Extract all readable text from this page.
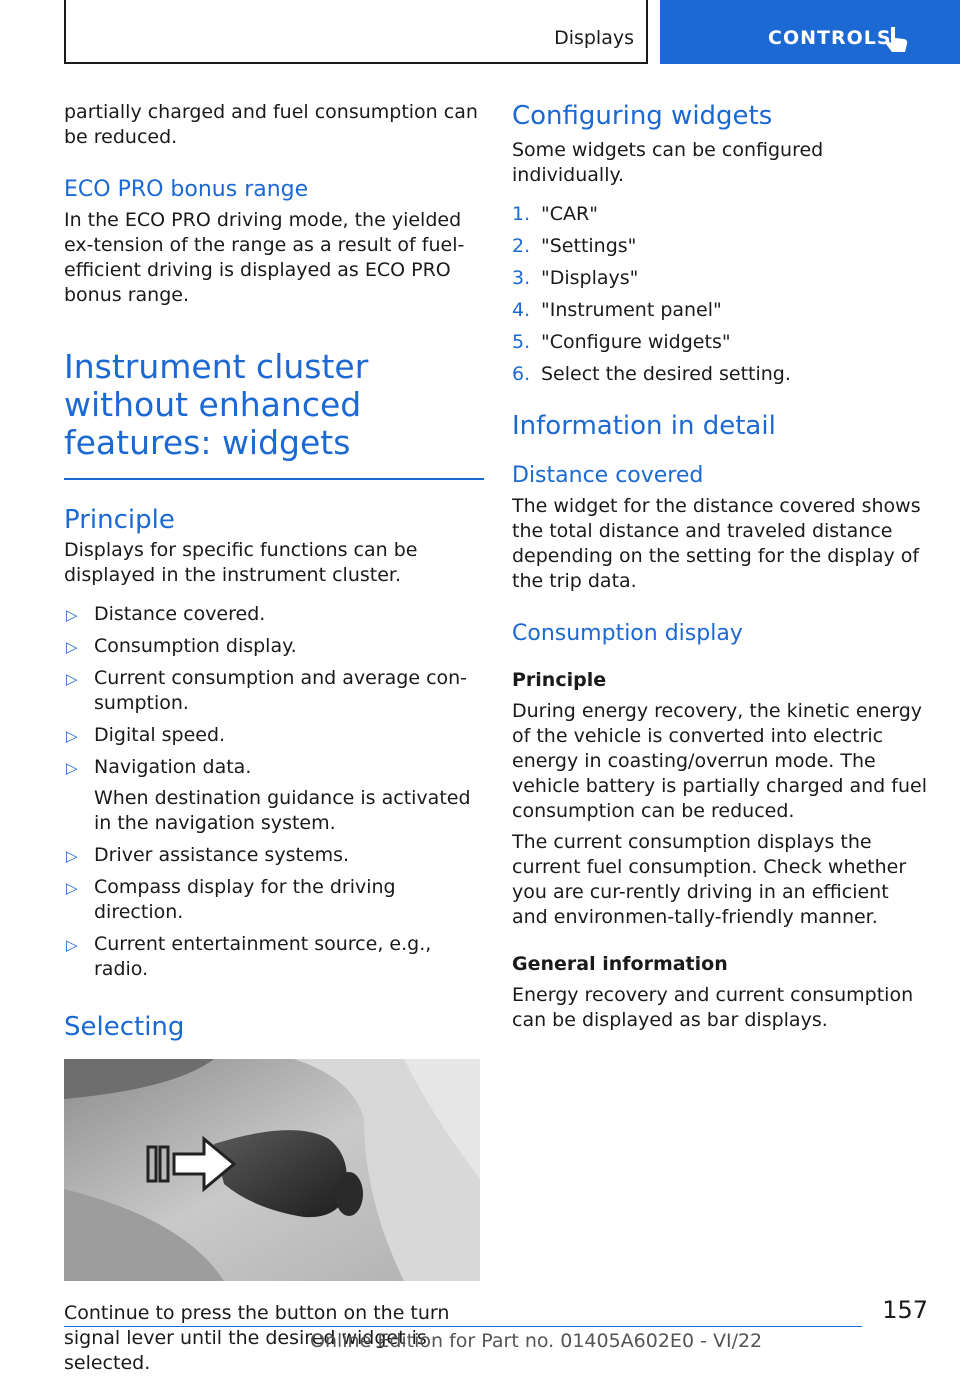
Displays	CONTROLS

partially charged and fuel consumption can be reduced.

ECO PRO bonus range

In the ECO PRO driving mode, the yielded ex-tension of the range as a result of fuel-efficient driving is displayed as ECO PRO bonus range.

Instrument cluster without enhanced features: widgets
Principle

Displays for specific functions can be displayed in the instrument cluster.

▷ Distance covered.
▷ Consumption display.
▷ Current consumption and average con-sumption.
▷ Digital speed.
▷ Navigation data.
When destination guidance is activated in the navigation system.
▷ Driver assistance systems.
▷ Compass display for the driving direction.
▷ Current entertainment source, e.g., radio.
Selecting

Continue to press the button on the turn signal lever until the desired widget is selected.

Configuring widgets

Some widgets can be configured individually.

1. "CAR"
2. "Settings"
3. "Displays"
4. "Instrument panel"
5. "Configure widgets"
6. Select the desired setting.
Information in detail
Distance covered

The widget for the distance covered shows the total distance and traveled distance depending on the setting for the display of the trip data.

Consumption display
Principle

During energy recovery, the kinetic energy of the vehicle is converted into electric energy in coasting/overrun mode. The vehicle battery is partially charged and fuel consumption can be reduced.

The current consumption displays the current fuel consumption. Check whether you are cur-rently driving in an efficient and environmen-tally-friendly manner.

General information

Energy recovery and current consumption can be displayed as bar displays.

157
Online Edition for Part no. 01405A602E0 - VI/22
